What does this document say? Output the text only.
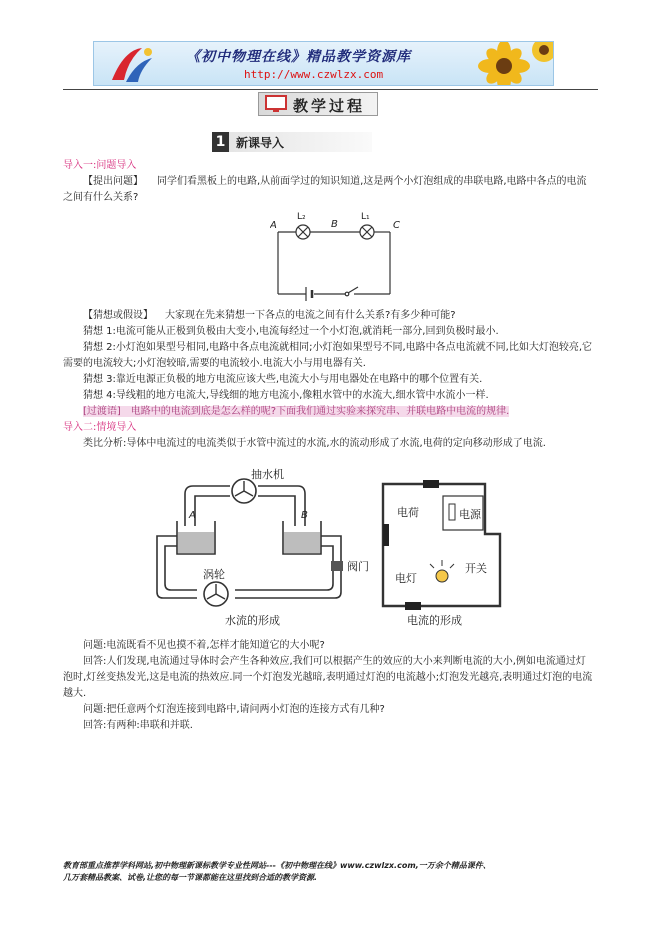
《初中物理在线》精品教学资源库
http://www.czwlzx.com
教学过程
1 新课导入

导入一:问题导入

【提出问题】 同学们看黑板上的电路,从前面学过的知识知道,这是两个小灯泡组成的串联电路,电路中各点的电流之间有什么关系?

A
L₂
B
L₁
C

【猜想或假设】 大家现在先来猜想一下各点的电流之间有什么关系?有多少种可能?

猜想 1:电流可能从正极到负极由大变小,电流每经过一个小灯泡,就消耗一部分,回到负极时最小.

猜想 2:小灯泡如果型号相同,电路中各点电流就相同;小灯泡如果型号不同,电路中各点电流就不同,比如大灯泡较亮,它需要的电流较大;小灯泡较暗,需要的电流较小.电流大小与用电器有关.

猜想 3:靠近电源正负极的地方电流应该大些,电流大小与用电器处在电路中的哪个位置有关.

猜想 4:导线粗的地方电流大,导线细的地方电流小,像粗水管中的水流大,细水管中水流小一样.

[过渡语]　电路中的电流到底是怎么样的呢?下面我们通过实验来探究串、并联电路中电流的规律.

导入二:情境导入

类比分析:导体中电流过的电流类似于水管中流过的水流,水的流动形成了水流,电荷的定向移动形成了电流.

抽水机
A	B
涡轮
阀门
水流的形成
电荷	电源
电灯
开关
电流的形成

问题:电流既看不见也摸不着,怎样才能知道它的大小呢?

回答:人们发现,电流通过导体时会产生各种效应,我们可以根据产生的效应的大小来判断电流的大小,例如电流通过灯泡时,灯丝变热发光,这是电流的热效应.同一个灯泡发光越暗,表明通过灯泡的电流越小;灯泡发光越亮,表明通过灯泡的电流越大.

问题:把任意两个灯泡连接到电路中,请问两小灯泡的连接方式有几种?

回答:有两种:串联和并联.

教育部重点推荐学科网站,初中物理新课标教学专业性网站---《初中物理在线》www.czwlzx.com,一万余个精品课件、
几万套精品教案、试卷,让您的每一节课都能在这里找到合适的教学资源.
